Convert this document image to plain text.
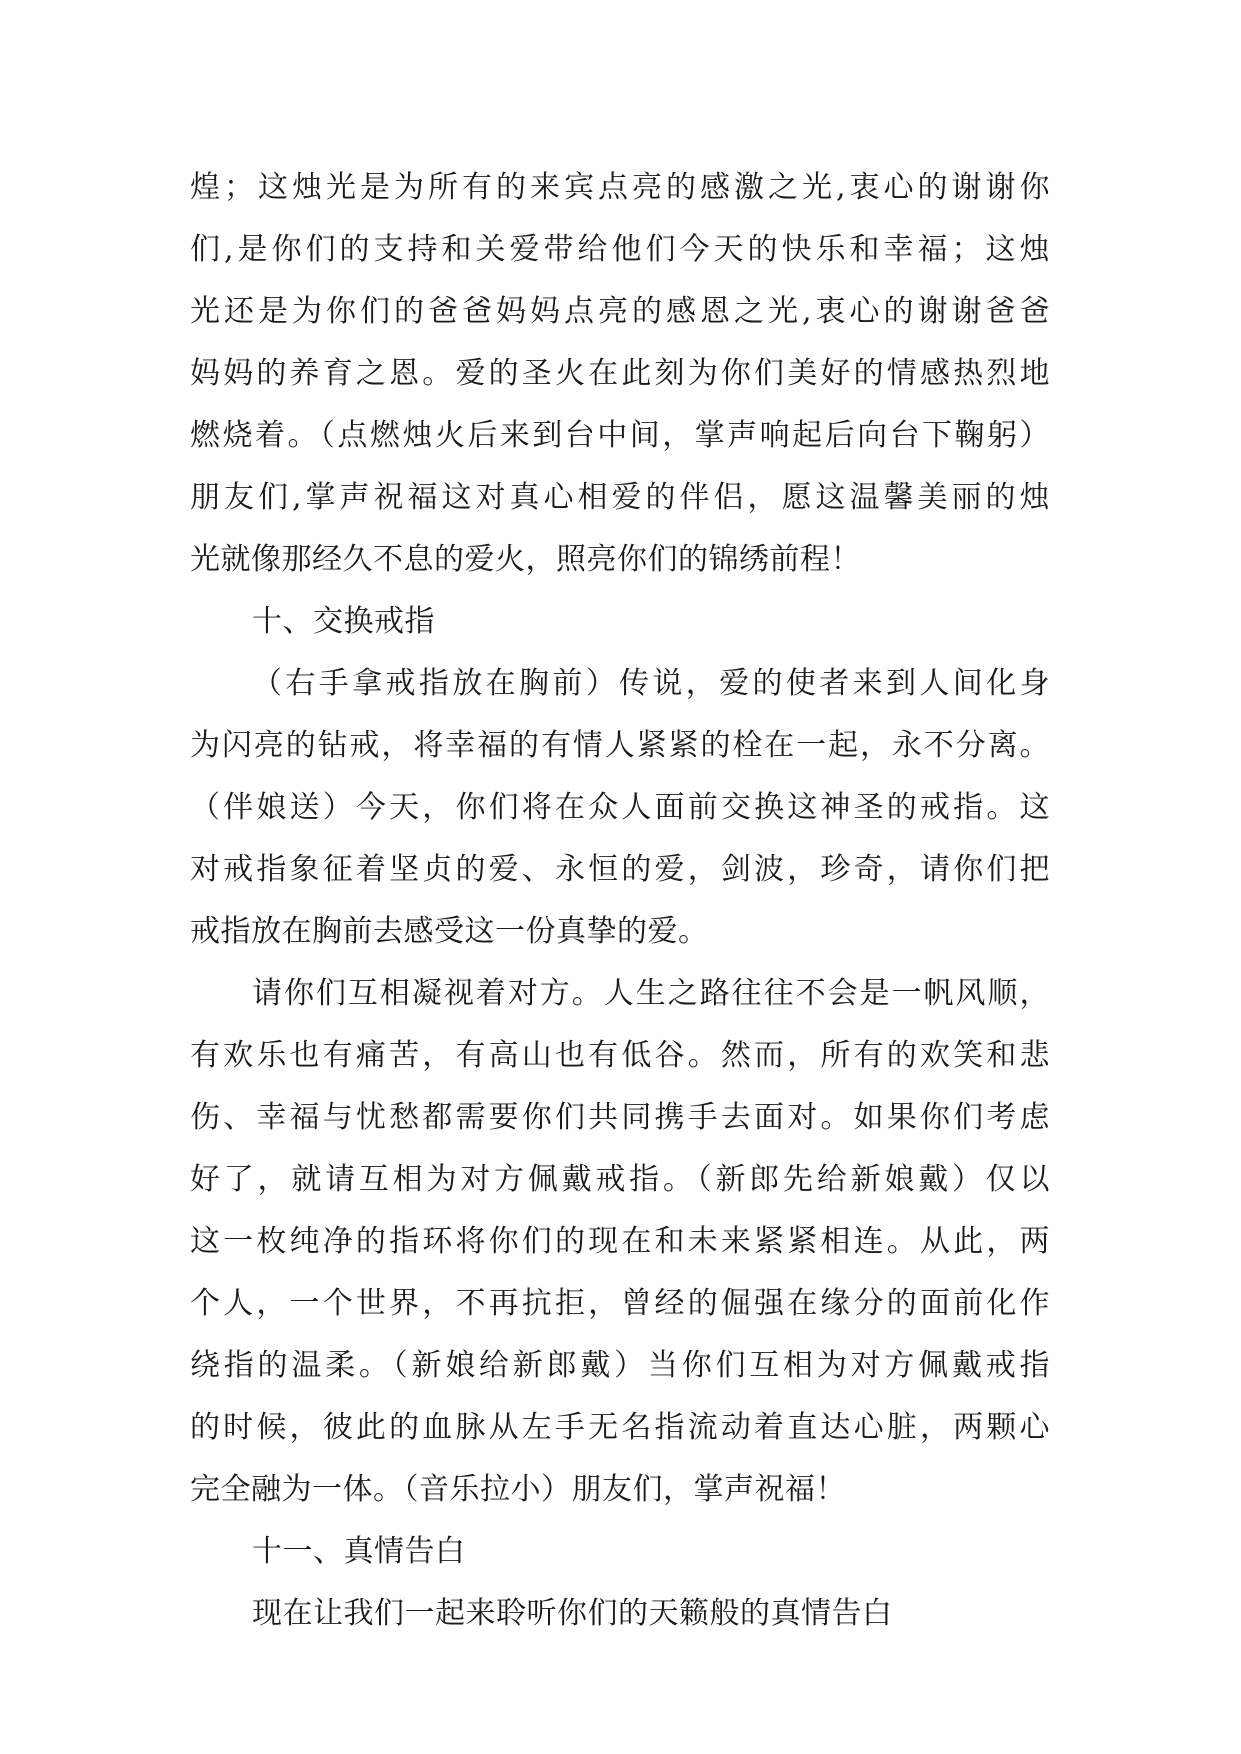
煌；这烛光是为所有的来宾点亮的感激之光,衷心的谢谢你
们,是你们的支持和关爱带给他们今天的快乐和幸福；这烛
光还是为你们的爸爸妈妈点亮的感恩之光,衷心的谢谢爸爸
妈妈的养育之恩。爱的圣火在此刻为你们美好的情感热烈地
燃烧着。（点燃烛火后来到台中间，掌声响起后向台下鞠躬）
朋友们,掌声祝福这对真心相爱的伴侣，愿这温馨美丽的烛
光就像那经久不息的爱火，照亮你们的锦绣前程！
十、交换戒指
（右手拿戒指放在胸前）传说，爱的使者来到人间化身
为闪亮的钻戒，将幸福的有情人紧紧的栓在一起，永不分离。
（伴娘送）今天，你们将在众人面前交换这神圣的戒指。这
对戒指象征着坚贞的爱、永恒的爱，剑波，珍奇，请你们把
戒指放在胸前去感受这一份真挚的爱。
请你们互相凝视着对方。人生之路往往不会是一帆风顺，
有欢乐也有痛苦，有高山也有低谷。然而，所有的欢笑和悲
伤、幸福与忧愁都需要你们共同携手去面对。如果你们考虑
好了，就请互相为对方佩戴戒指。（新郎先给新娘戴）仅以
这一枚纯净的指环将你们的现在和未来紧紧相连。从此，两
个人，一个世界，不再抗拒，曾经的倔强在缘分的面前化作
绕指的温柔。（新娘给新郎戴）当你们互相为对方佩戴戒指
的时候，彼此的血脉从左手无名指流动着直达心脏，两颗心
完全融为一体。（音乐拉小）朋友们，掌声祝福！
十一、真情告白
现在让我们一起来聆听你们的天籁般的真情告白
